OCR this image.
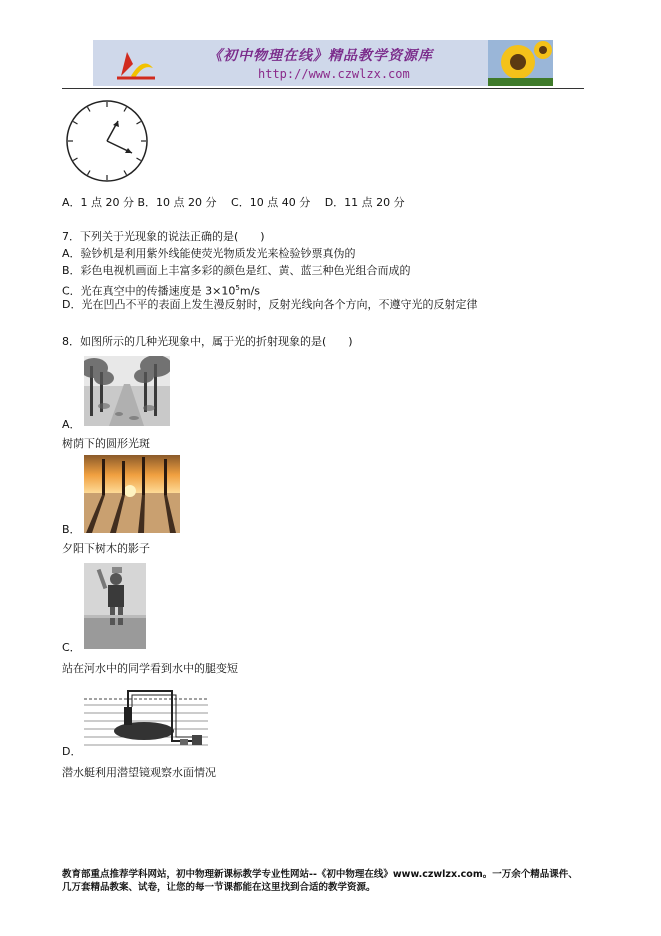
《初中物理在线》精品教学资源库
http://www.czwlzx.com
A．1 点 20 分 B．10 点 20 分　 C．10 点 40 分　 D．11 点 20 分
7．下列关于光现象的说法正确的是(　　)
A．验钞机是利用紫外线能使荧光物质发光来检验钞票真伪的
B．彩色电视机画面上丰富多彩的颜色是红、黄、蓝三种色光组合而成的
C．光在真空中的传播速度是 $3\times 10^5m/s$
D．光在凹凸不平的表面上发生漫反射时，反射光线向各个方向，不遵守光的反射定律
8．如图所示的几种光现象中，属于光的折射现象的是(　　)
A．
树荫下的圆形光斑
B．
夕阳下树木的影子
C．
站在河水中的同学看到水中的腿变短
D．
潜水艇利用潜望镜观察水面情况
教育部重点推荐学科网站，初中物理新课标教学专业性网站--《初中物理在线》www.czwlzx.com。一万余个精品课件、
几万套精品教案、试卷，让您的每一节课都能在这里找到合适的教学资源。
